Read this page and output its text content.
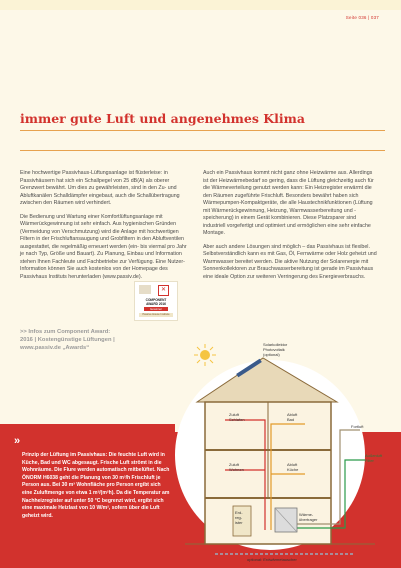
Seite 036 | 037
immer gute Luft und angenehmes Klima

Eine hochwertige Passivhaus-Lüftungsanlage ist flüsterleise: in Passivhäusern hat sich ein Schallpegel von 25 dB(A) als oberer Grenzwert bewährt. Um dies zu gewährleisten, sind in den Zu- und Abluftkanälen Schalldämpfer eingebaut, auch die Schallübertragung zwischen den Räumen wird verhindert.

Die Bedienung und Wartung einer Komfortlüftungsanlage mit Wärmerückgewinnung ist sehr einfach. Aus hygienischen Gründen (Vermeidung von Verschmutzung) wird die Anlage mit hochwertigen Filtern in der Frischluftansaugung und Grobfiltern in den Abluftventilen ausgestattet, die regelmäßig erneuert werden (ein- bis viermal pro Jahr je nach Typ, Größe und Bauart). Zu Planung, Einbau und Information stehen Ihnen Fachleute und Fachbetriebe zur Verfügung. Eine Nutzer-Information können Sie auch kostenlos von der Homepage des Passivhaus Instituts herunterladen (www.passiv.de).

Auch ein Passivhaus kommt nicht ganz ohne Heizwärme aus. Allerdings ist der Heizwärmebedarf so gering, dass die Lüftung gleichzeitig auch für die Wärmeverteilung genutzt werden kann: Ein Heizregister erwärmt die den Räumen zugeführte Frischluft. Besonders bewährt haben sich Wärmepumpen-Kompaktgeräte, die alle Haustechnikfunktionen (Lüftung mit Wärmerückgewinnung, Heizung, Warmwasserbereitung und -speicherung) in einem Gerät kombinieren. Diese Platzsparer sind industriell vorgefertigt und optimiert und ermöglichen eine sehr einfache Montage.

Aber auch andere Lösungen sind möglich – das Passivhaus ist flexibel. Selbstverständlich kann es mit Gas, Öl, Fernwärme oder Holz geheizt und Warmwasser bereitet werden. Die aktive Nutzung der Solarenergie mit Sonnenkollektoren zur Brauchwasserbereitung ist gerade im Passivhaus eine ideale Option zur weiteren Verringerung des Energieverbrauchs.

✕
COMPONENT
AWARD 2016
Gewinner
Passive House Institute
>> Infos zum Component Award:
2016 | Kostengünstige Lüftungen |
www.passiv.de „Awards“
»
Prinzip der Lüftung im Passivhaus: Die feuchte Luft wird in Küche, Bad und WC abgesaugt. Frische Luft strömt in die Wohnräume. Die Flure werden automatisch mitbelüftet. Nach ÖNORM H6038 geht die Planung von 30 m³/h Frischluft je Person aus. Bei 30 m³ Wohnfläche pro Person ergibt sich eine Zuluftmenge von etwa 1 m³/(m²h). Da die Temperatur am Nachheizregister auf unter 50 °C begrenzt wird, ergibt sich eine maximale Heizlast von 10 W/m², sofern über die Luft geheizt wird.
Solarkollektor
Photovoltaik
(optional)
Zuluft
Schlafen
Abluft
Bad
Zuluft
Wohnen
Abluft
Küche
Fortluft
Außenluft
Filter
Erd-
reg-
ister
Wärme-
übertrager
optional: Erdwärmetauscher
